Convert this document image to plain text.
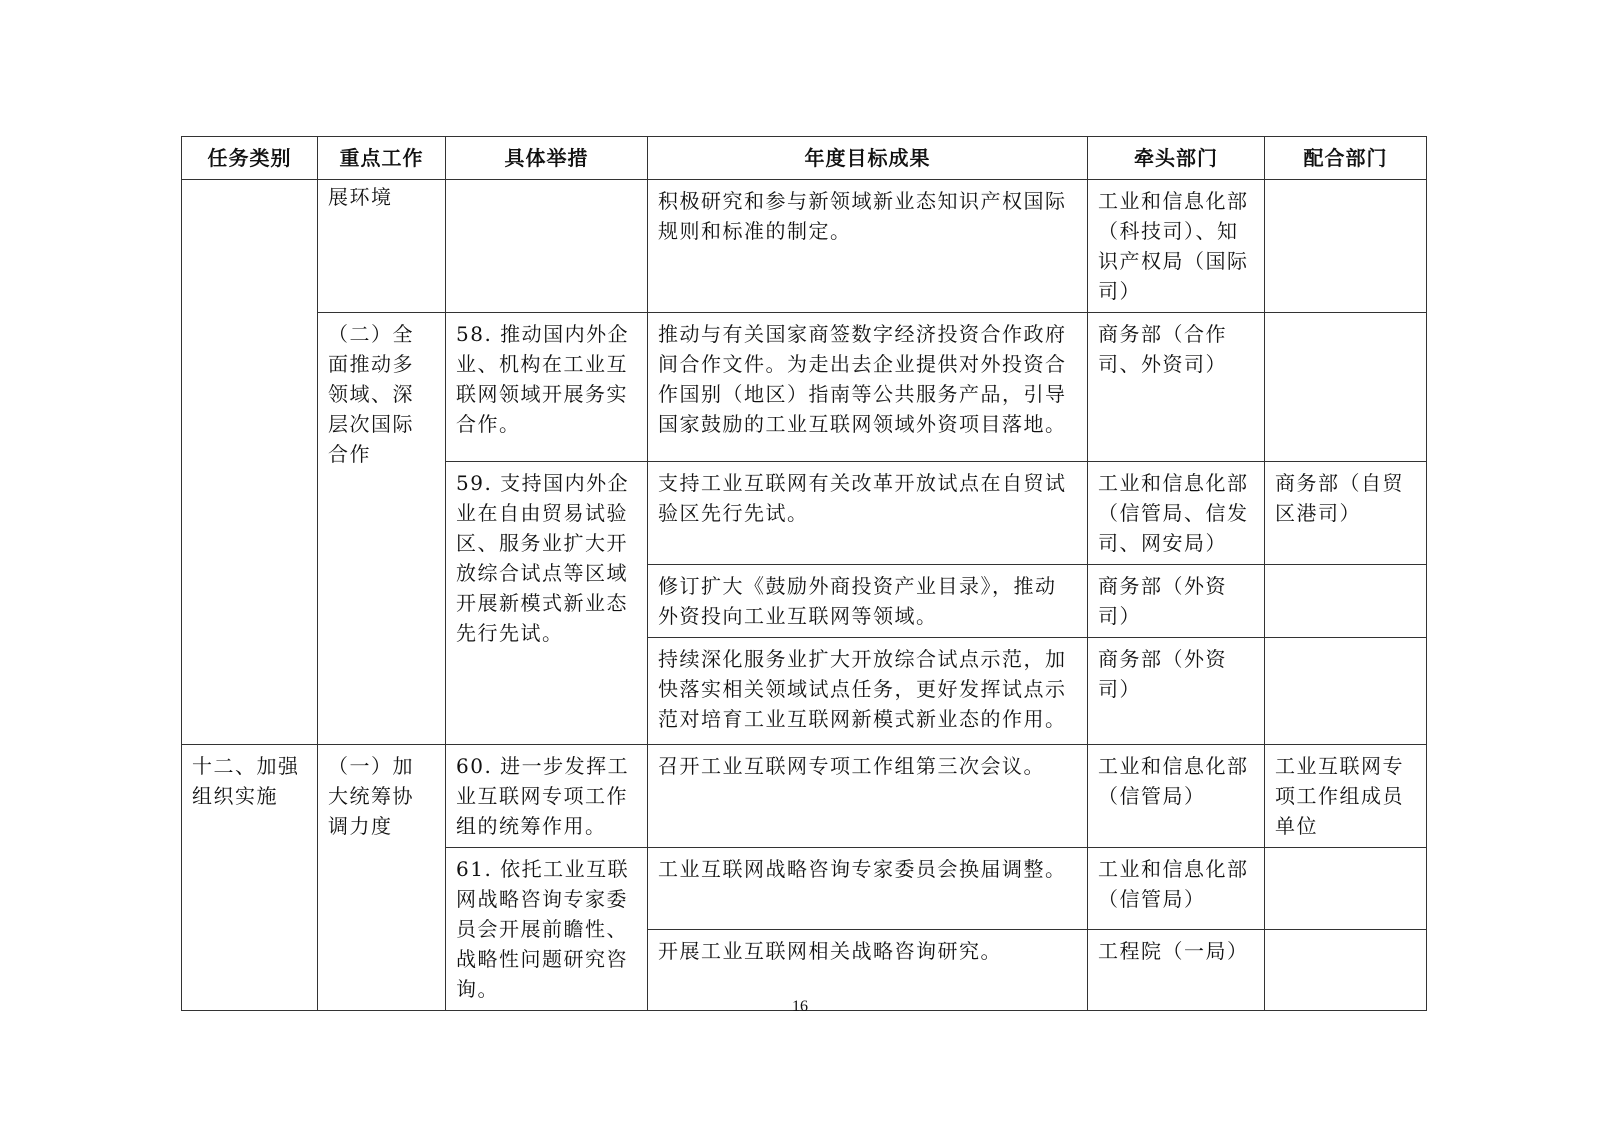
任务类别	重点工作	具体举措	年度目标成果	牵头部门	配合部门
	展环境		积极研究和参与新领域新业态知识产权国际规则和标准的制定。	工业和信息化部（科技司）、知识产权局（国际司）	
	（二）全面推动多领域、深层次国际合作	58. 推动国内外企业、机构在工业互联网领域开展务实合作。	推动与有关国家商签数字经济投资合作政府间合作文件。为走出去企业提供对外投资合作国别（地区）指南等公共服务产品，引导国家鼓励的工业互联网领域外资项目落地。	商务部（合作司、外资司）	
		59. 支持国内外企业在自由贸易试验区、服务业扩大开放综合试点等区域开展新模式新业态先行先试。	支持工业互联网有关改革开放试点在自贸试验区先行先试。	工业和信息化部（信管局、信发司、网安局）	商务部（自贸区港司）
			修订扩大《鼓励外商投资产业目录》，推动外资投向工业互联网等领域。	商务部（外资司）	
			持续深化服务业扩大开放综合试点示范，加快落实相关领域试点任务，更好发挥试点示范对培育工业互联网新模式新业态的作用。	商务部（外资司）	
十二、加强组织实施	（一）加大统筹协调力度	60. 进一步发挥工业互联网专项工作组的统筹作用。	召开工业互联网专项工作组第三次会议。	工业和信息化部（信管局）	工业互联网专项工作组成员单位
		61. 依托工业互联网战略咨询专家委员会开展前瞻性、战略性问题研究咨询。	工业互联网战略咨询专家委员会换届调整。	工业和信息化部（信管局）	
			开展工业互联网相关战略咨询研究。	工程院（一局）	
16
